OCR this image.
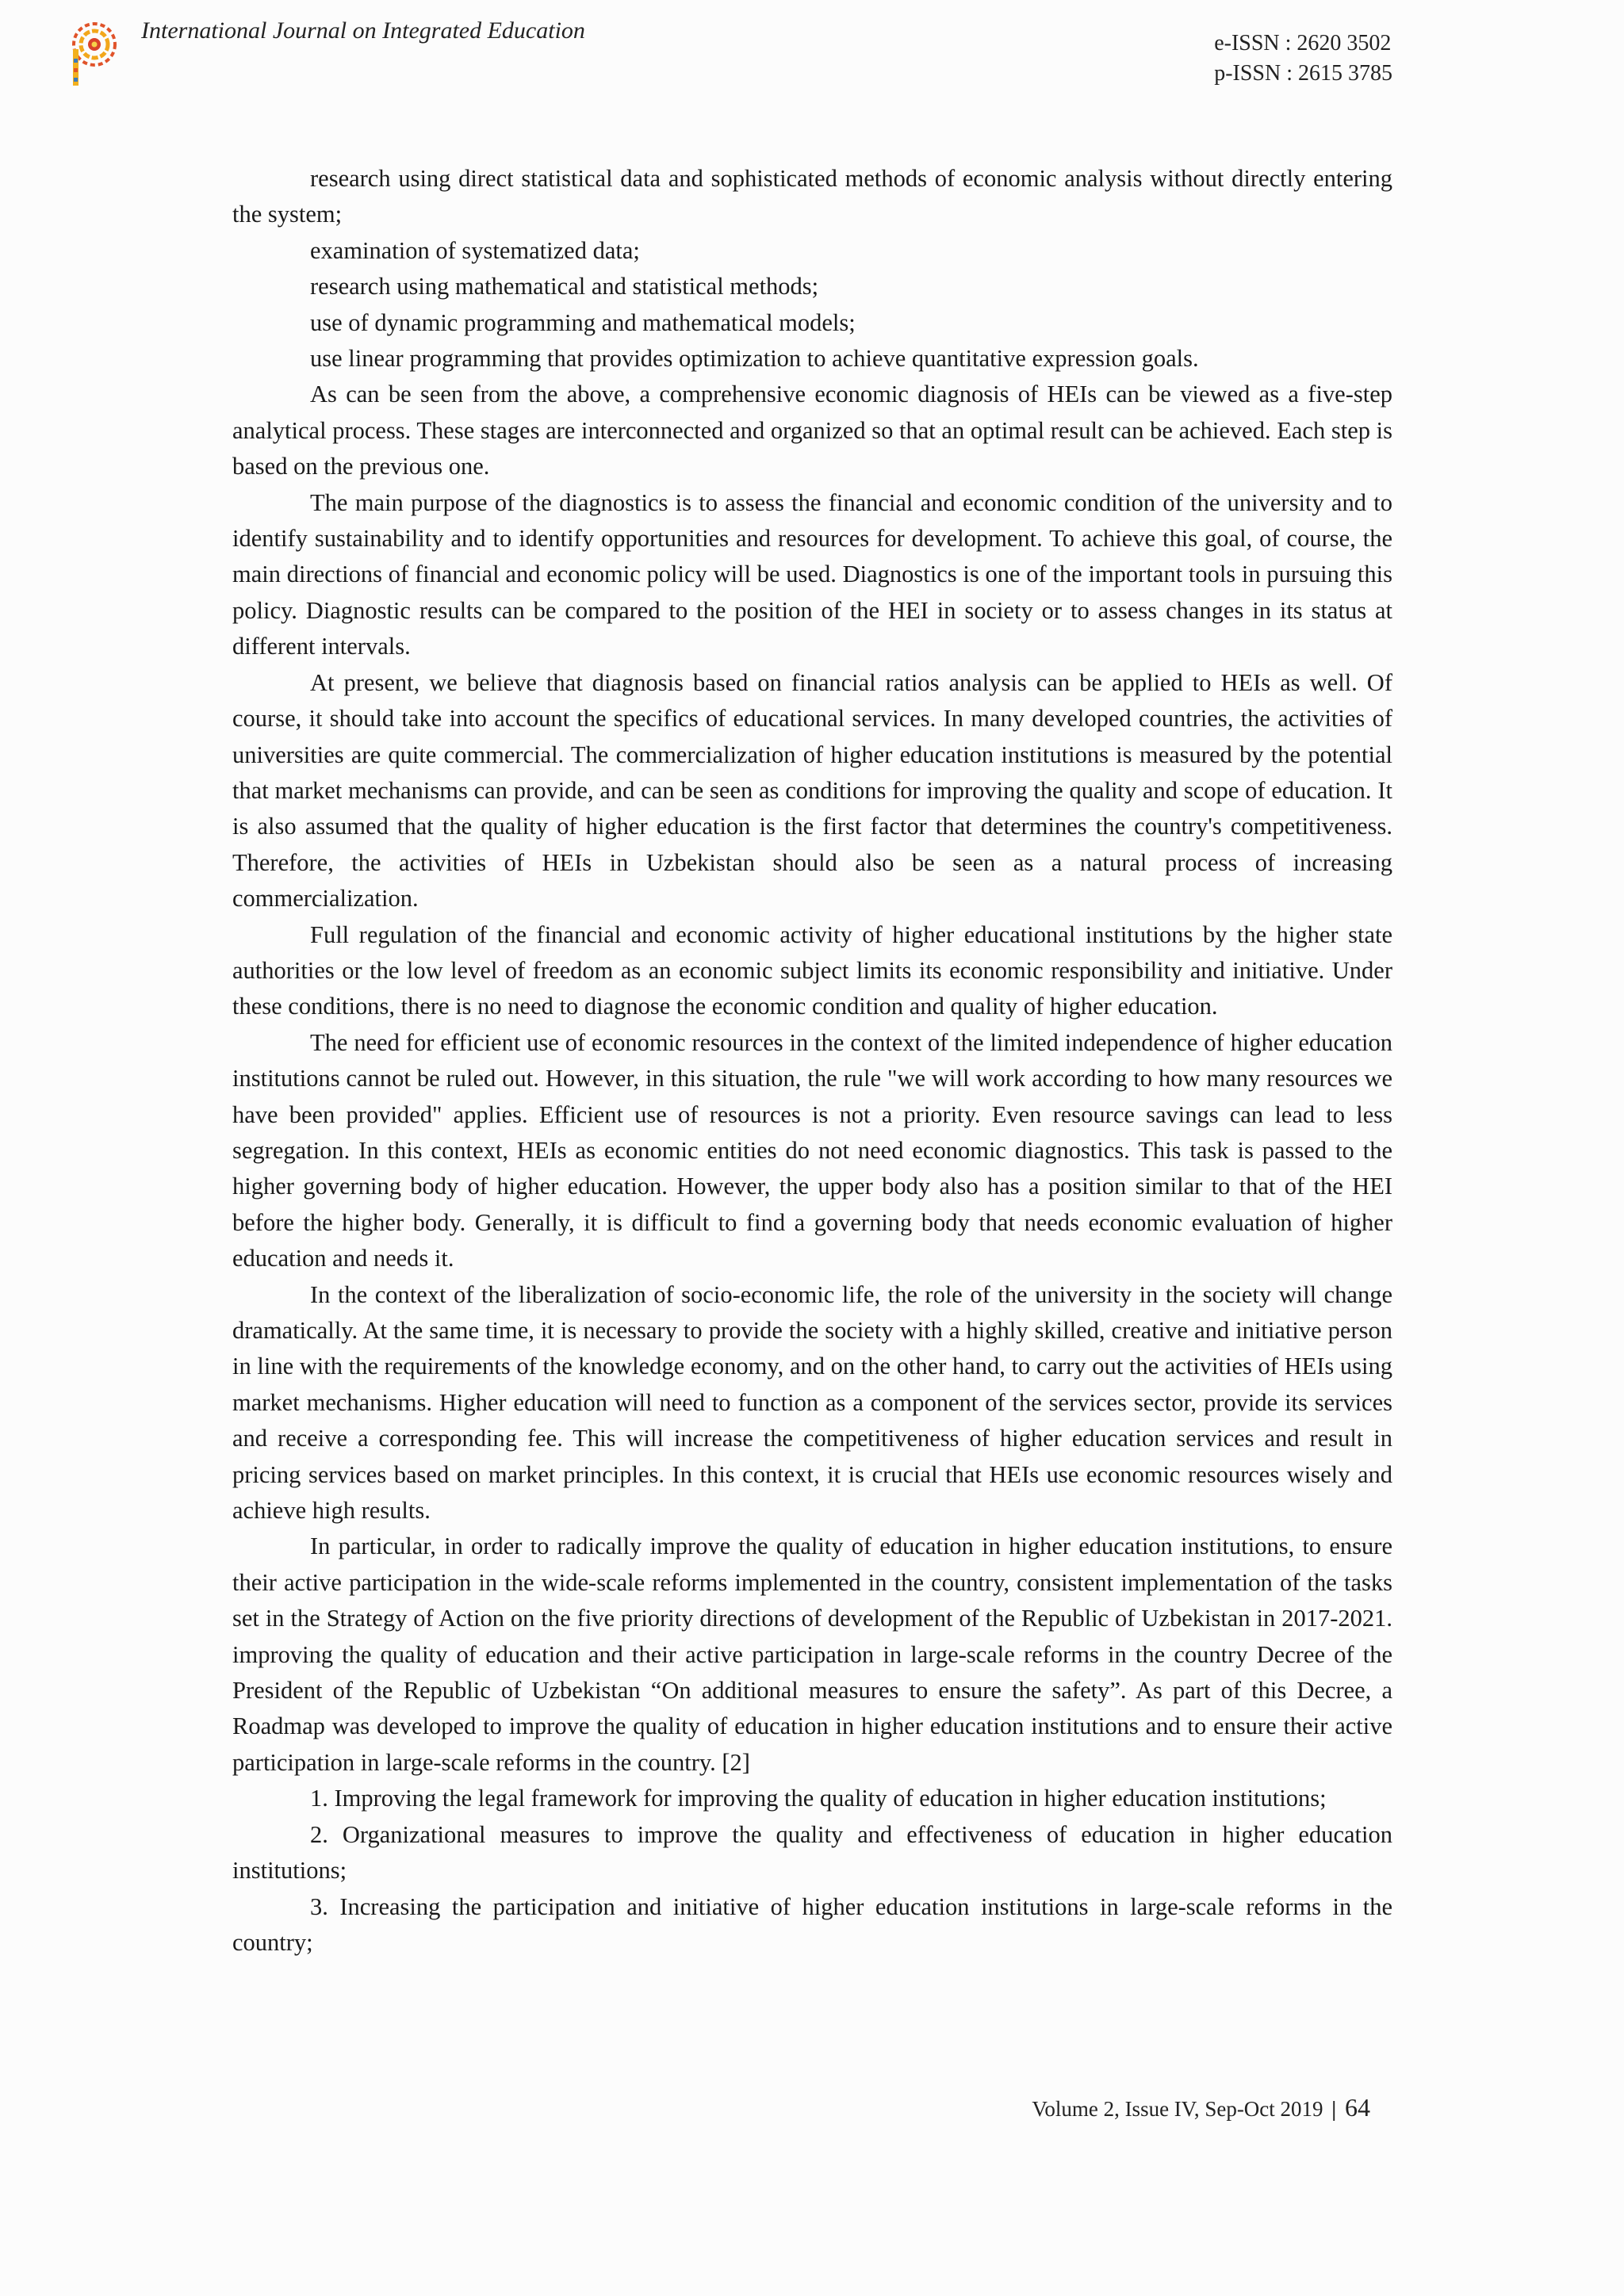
International Journal on Integrated Education	e-ISSN : 2620 3502
p-ISSN : 2615 3785

research using direct statistical data and sophisticated methods of economic analysis without directly entering the system;

examination of systematized data;

research using mathematical and statistical methods;

use of dynamic programming and mathematical models;

use linear programming that provides optimization to achieve quantitative expression goals.

As can be seen from the above, a comprehensive economic diagnosis of HEIs can be viewed as a five-step analytical process. These stages are interconnected and organized so that an optimal result can be achieved. Each step is based on the previous one.

The main purpose of the diagnostics is to assess the financial and economic condition of the university and to identify sustainability and to identify opportunities and resources for development. To achieve this goal, of course, the main directions of financial and economic policy will be used. Diagnostics is one of the important tools in pursuing this policy. Diagnostic results can be compared to the position of the HEI in society or to assess changes in its status at different intervals.

At present, we believe that diagnosis based on financial ratios analysis can be applied to HEIs as well. Of course, it should take into account the specifics of educational services. In many developed countries, the activities of universities are quite commercial. The commercialization of higher education institutions is measured by the potential that market mechanisms can provide, and can be seen as conditions for improving the quality and scope of education. It is also assumed that the quality of higher education is the first factor that determines the country's competitiveness. Therefore, the activities of HEIs in Uzbekistan should also be seen as a natural process of increasing commercialization.

Full regulation of the financial and economic activity of higher educational institutions by the higher state authorities or the low level of freedom as an economic subject limits its economic responsibility and initiative. Under these conditions, there is no need to diagnose the economic condition and quality of higher education.

The need for efficient use of economic resources in the context of the limited independence of higher education institutions cannot be ruled out. However, in this situation, the rule "we will work according to how many resources we have been provided" applies. Efficient use of resources is not a priority. Even resource savings can lead to less segregation. In this context, HEIs as economic entities do not need economic diagnostics. This task is passed to the higher governing body of higher education. However, the upper body also has a position similar to that of the HEI before the higher body. Generally, it is difficult to find a governing body that needs economic evaluation of higher education and needs it.

In the context of the liberalization of socio-economic life, the role of the university in the society will change dramatically. At the same time, it is necessary to provide the society with a highly skilled, creative and initiative person in line with the requirements of the knowledge economy, and on the other hand, to carry out the activities of HEIs using market mechanisms. Higher education will need to function as a component of the services sector, provide its services and receive a corresponding fee. This will increase the competitiveness of higher education services and result in pricing services based on market principles. In this context, it is crucial that HEIs use economic resources wisely and achieve high results.

In particular, in order to radically improve the quality of education in higher education institutions, to ensure their active participation in the wide-scale reforms implemented in the country, consistent implementation of the tasks set in the Strategy of Action on the five priority directions of development of the Republic of Uzbekistan in 2017-2021. improving the quality of education and their active participation in large-scale reforms in the country Decree of the President of the Republic of Uzbekistan “On additional measures to ensure the safety”. As part of this Decree, a Roadmap was developed to improve the quality of education in higher education institutions and to ensure their active participation in large-scale reforms in the country. [2]

1. Improving the legal framework for improving the quality of education in higher education institutions;

2. Organizational measures to improve the quality and effectiveness of education in higher education institutions;

3. Increasing the participation and initiative of higher education institutions in large-scale reforms in the country;

Volume 2, Issue IV, Sep-Oct 2019 | 64
